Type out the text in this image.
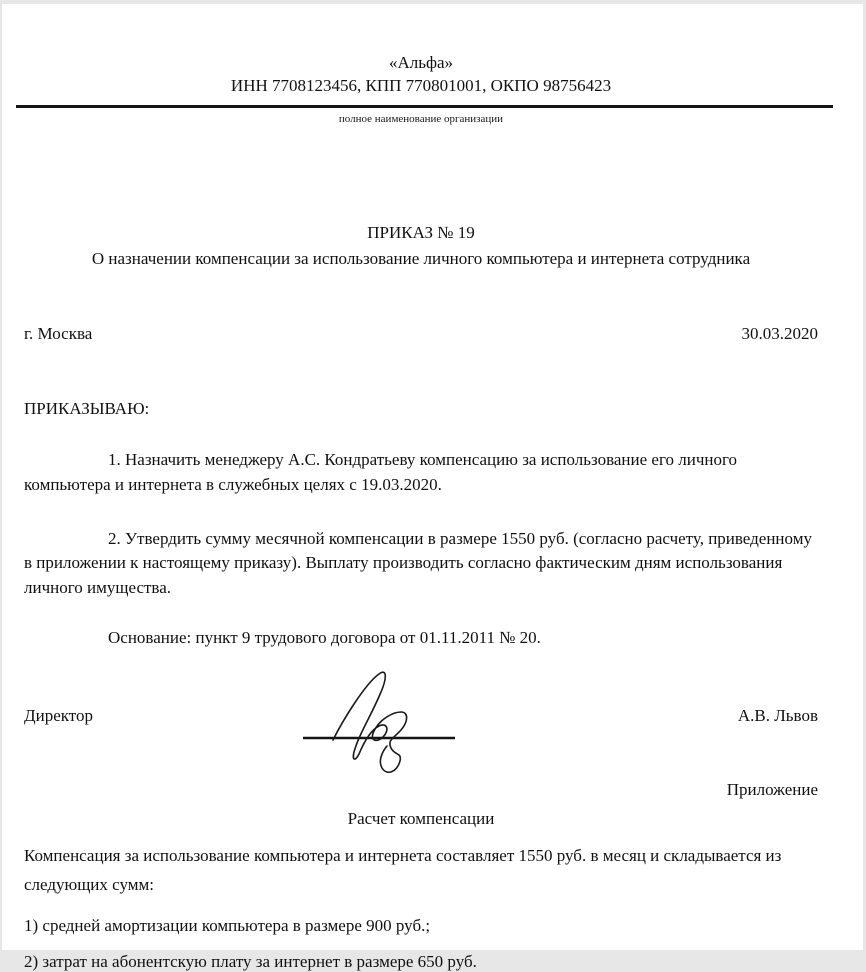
«Альфа»
ИНН 7708123456, КПП 770801001, ОКПО 98756423
полное наименование организации
ПРИКАЗ № 19
О назначении компенсации за использование личного компьютера и интернета сотрудника
г. Москва	30.03.2020
ПРИКАЗЫВАЮ:

1. Назначить менеджеру А.С. Кондратьеву компенсацию за использование его личного компьютера и интернета в служебных целях с 19.03.2020.

2. Утвердить сумму месячной компенсации в размере 1550 руб. (согласно расчету, приведенному в приложении к настоящему приказу). Выплату производить согласно фактическим дням использования личного имущества.

Основание: пункт 9 трудового договора от 01.11.2011 № 20.
Директор	А.В. Львов
Приложение
Расчет компенсации

Компенсация за использование компьютера и интернета составляет 1550 руб. в месяц и складывается из следующих сумм:

1) средней амортизации компьютера в размере 900 руб.;
2) затрат на абонентскую плату за интернет в размере 650 руб.
